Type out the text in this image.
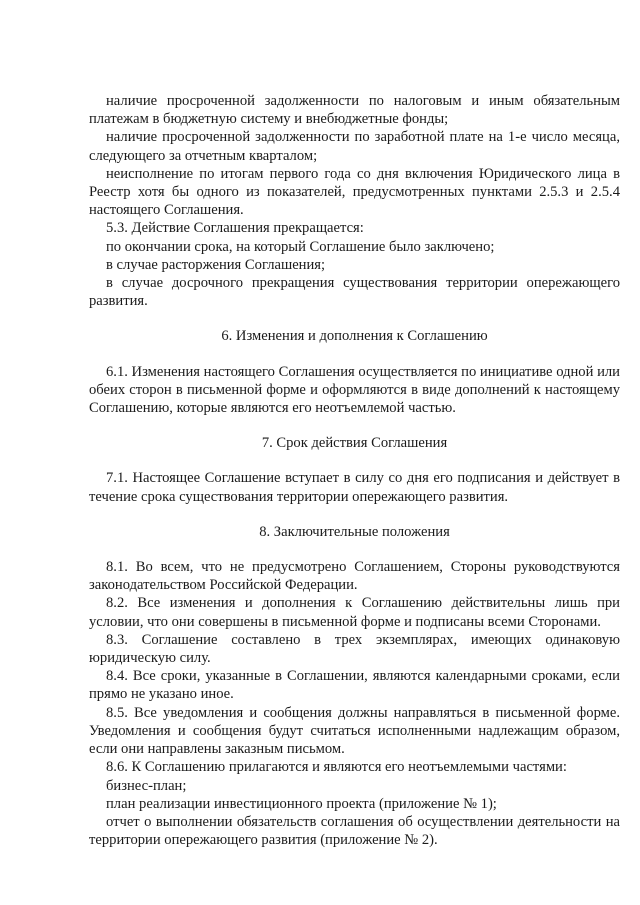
наличие просроченной задолженности по налоговым и иным обязательным платежам в бюджетную систему и внебюджетные фонды;

наличие просроченной задолженности по заработной плате на 1-е число месяца, следующего за отчетным кварталом;

неисполнение по итогам первого года со дня включения Юридического лица в Реестр хотя бы одного из показателей, предусмотренных пунктами 2.5.3 и 2.5.4 настоящего Соглашения.

5.3. Действие Соглашения прекращается:

по окончании срока, на который Соглашение было заключено;

в случае расторжения Соглашения;

в случае досрочного прекращения существования территории опережающего развития.

6. Изменения и дополнения к Соглашению

6.1. Изменения настоящего Соглашения осуществляется по инициативе одной или обеих сторон в письменной форме и оформляются в виде дополнений к настоящему Соглашению, которые являются его неотъемлемой частью.

7. Срок действия Соглашения

7.1. Настоящее Соглашение вступает в силу со дня его подписания и действует в течение срока существования территории опережающего развития.

8. Заключительные положения

8.1. Во всем, что не предусмотрено Соглашением, Стороны руководствуются законодательством Российской Федерации.

8.2. Все изменения и дополнения к Соглашению действительны лишь при условии, что они совершены в письменной форме и подписаны всеми Сторонами.

8.3. Соглашение составлено в трех экземплярах, имеющих одинаковую юридическую силу.

8.4. Все сроки, указанные в Соглашении, являются календарными сроками, если прямо не указано иное.

8.5. Все уведомления и сообщения должны направляться в письменной форме. Уведомления и сообщения будут считаться исполненными надлежащим образом, если они направлены заказным письмом.

8.6. К Соглашению прилагаются и являются его неотъемлемыми частями:

бизнес-план;

план реализации инвестиционного проекта (приложение № 1);

отчет о выполнении обязательств соглашения об осуществлении деятельности на территории опережающего развития (приложение № 2).
